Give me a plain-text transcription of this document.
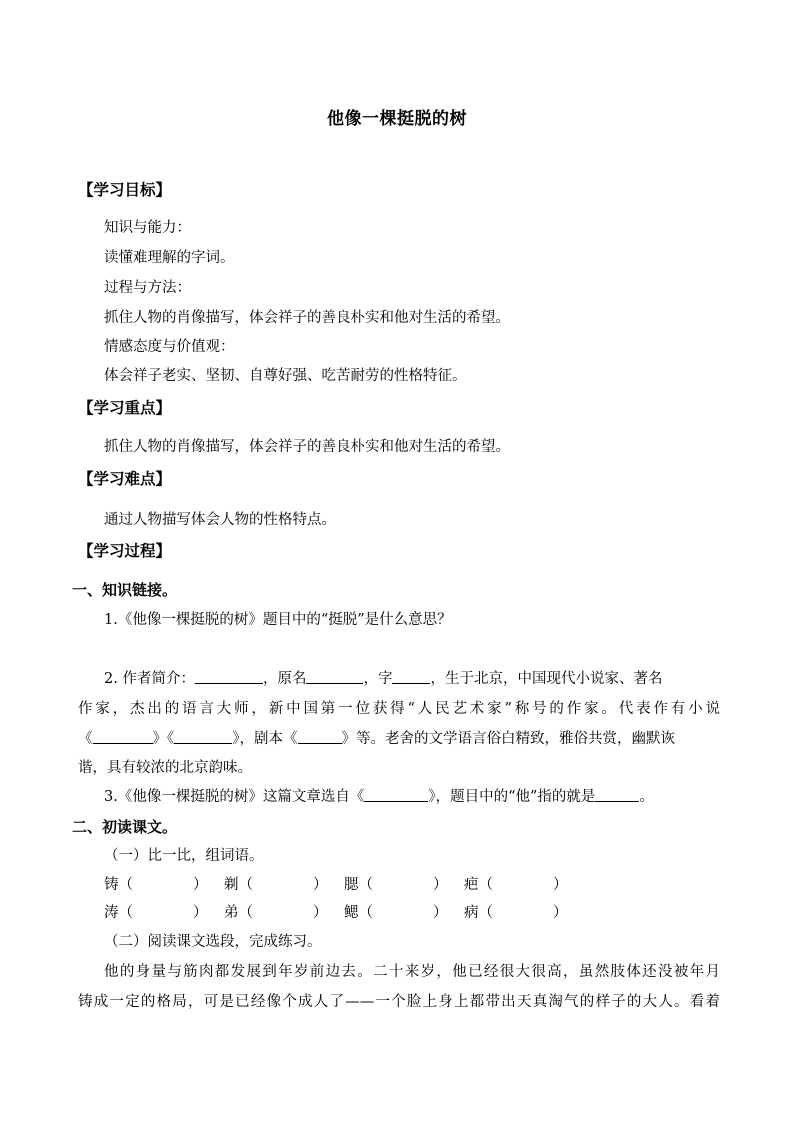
他像一棵挺脱的树
【学习目标】
知识与能力：
读懂难理解的字词。
过程与方法：
抓住人物的肖像描写，体会祥子的善良朴实和他对生活的希望。
情感态度与价值观：
体会祥子老实、坚韧、自尊好强、吃苦耐劳的性格特征。
【学习重点】
抓住人物的肖像描写，体会祥子的善良朴实和他对生活的希望。
【学习难点】
通过人物描写体会人物的性格特点。
【学习过程】
一、知识链接。
1.《他像一棵挺脱的树》题目中的“挺脱”是什么意思？
2. 作者简介：	，原名	，字	，生于北京，中国现代小说家、著名
作家，杰出的语言大师，新中国第一位获得“人民艺术家”称号的作家。代表作有小说
《	》《	》，剧本《	》等。老舍的文学语言俗白精致，雅俗共赏，幽默诙
谐，具有较浓的北京韵味。
3.《他像一棵挺脱的树》这篇文章选自《	》，题目中的“他”指的就是	。
二、初读课文。
（一）比一比，组词语。
铸（	） 剃（	） 腮（	） 疤（	）
涛（	） 弟（	） 鳃（	） 病（	）
（二）阅读课文选段，完成练习。
他的身量与筋肉都发展到年岁前边去。二十来岁，他已经很大很高，虽然肢体还没被年月
铸成一定的格局，可是已经像个成人了——一个脸上身上都带出天真淘气的样子的大人。看着
